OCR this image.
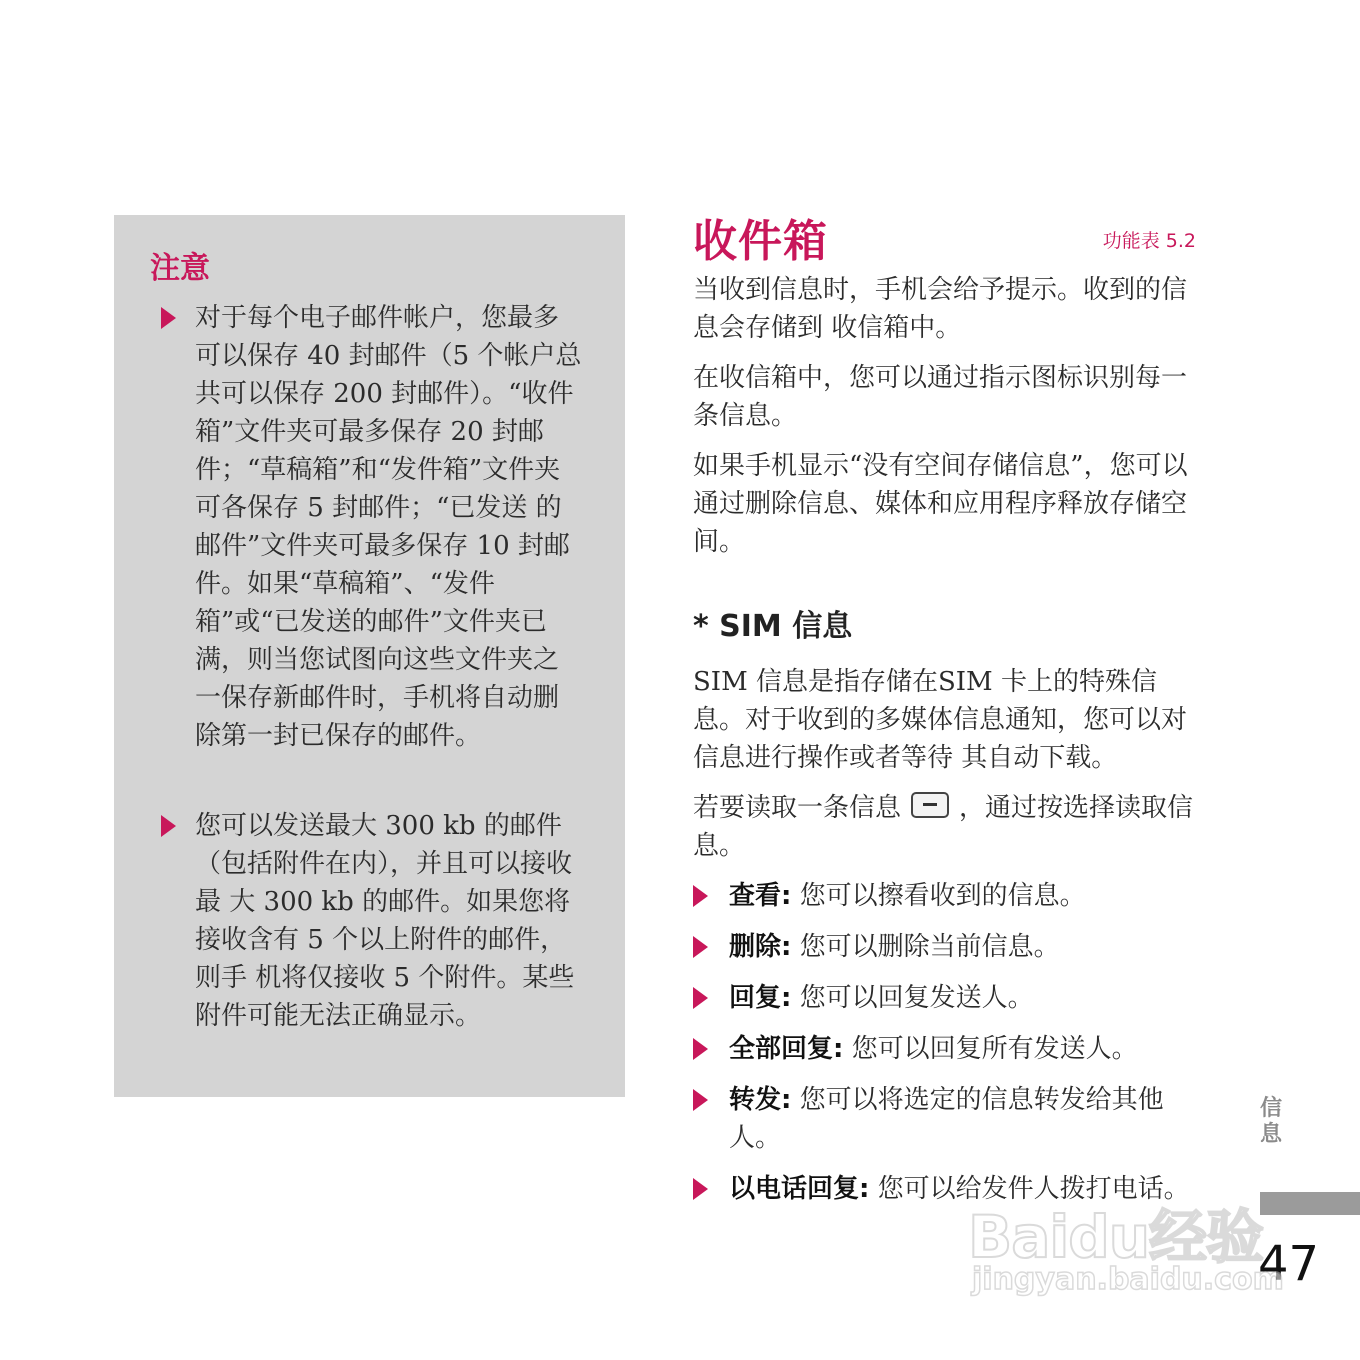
注意
对于每个电子邮件帐户，您最多可以保存 40 封邮件（5 个帐户总 共可以保存 200 封邮件）。“收件箱”文件夹可最多保存 20 封邮 件；“草稿箱”和“发件箱”文件夹可各保存 5 封邮件；“已发送 的邮件”文件夹可最多保存 10 封邮件。如果“草稿箱”、“发件箱”或“已发送的邮件”文件夹已满，则当您试图向这些文件夹之 一保存新邮件时，手机将自动删除第一封已保存的邮件。
您可以发送最大 300 kb 的邮件（包括附件在内），并且可以接收最 大 300 kb 的邮件。如果您将接收含有 5 个以上附件的邮件，则手 机将仅接收 5 个附件。某些附件可能无法正确显示。
收件箱	功能表 5.2

当收到信息时，手机会给予提示。收到的信息会存储到 收信箱中。

在收信箱中，您可以通过指示图标识别每一条信息。

如果手机显示“没有空间存储信息”，您可以通过删除信息、媒体和应用程序释放存储空间。

* SIM 信息

SIM 信息是指存储在SIM 卡上的特殊信息。对于收到的多媒体信息通知，您可以对信息进行操作或者等待 其自动下载。

若要读取一条信息 ，通过按选择读取信息。

查看: 您可以擦看收到的信息。
删除: 您可以删除当前信息。
回复: 您可以回复发送人。
全部回复: 您可以回复所有发送人。
转发: 您可以将选定的信息转发给其他人。
以电话回复: 您可以给发件人拨打电话。
信息
47
Baidu经验
jingyan.baidu.com
